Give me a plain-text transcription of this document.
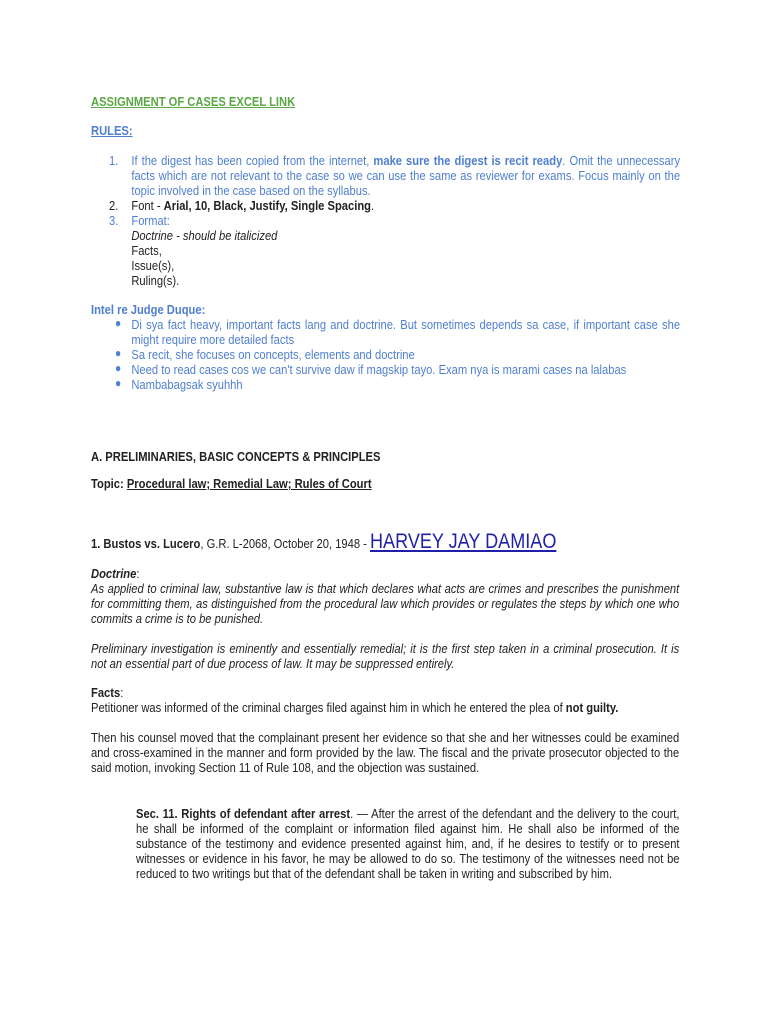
ASSIGNMENT OF CASES EXCEL LINK
RULES:
1. If the digest has been copied from the internet, make sure the digest is recit ready. Omit the unnecessary facts which are not relevant to the case so we can use the same as reviewer for exams. Focus mainly on the topic involved in the case based on the syllabus.
2. Font - Arial, 10, Black, Justify, Single Spacing.
3. Format:
Doctrine - should be italicized
Facts,
Issue(s),
Ruling(s).
Intel re Judge Duque:
● Di sya fact heavy, important facts lang and doctrine. But sometimes depends sa case, if important case she might require more detailed facts
● Sa recit, she focuses on concepts, elements and doctrine
● Need to read cases cos we can't survive daw if magskip tayo. Exam nya is marami cases na lalabas
● Nambabagsak syuhhh
A. PRELIMINARIES, BASIC CONCEPTS & PRINCIPLES
Topic: Procedural law; Remedial Law; Rules of Court
1. Bustos vs. Lucero, G.R. L-2068, October 20, 1948 - HARVEY JAY DAMIAO

Doctrine:

As applied to criminal law, substantive law is that which declares what acts are crimes and prescribes the punishment for committing them, as distinguished from the procedural law which provides or regulates the steps by which one who commits a crime is to be punished.

Preliminary investigation is eminently and essentially remedial; it is the first step taken in a criminal prosecution. It is not an essential part of due process of law. It may be suppressed entirely.

Facts:

Petitioner was informed of the criminal charges filed against him in which he entered the plea of not guilty.

Then his counsel moved that the complainant present her evidence so that she and her witnesses could be examined and cross-examined in the manner and form provided by the law. The fiscal and the private prosecutor objected to the said motion, invoking Section 11 of Rule 108, and the objection was sustained.

Sec. 11. Rights of defendant after arrest. — After the arrest of the defendant and the delivery to the court, he shall be informed of the complaint or information filed against him. He shall also be informed of the substance of the testimony and evidence presented against him, and, if he desires to testify or to present witnesses or evidence in his favor, he may be allowed to do so. The testimony of the witnesses need not be reduced to two writings but that of the defendant shall be taken in writing and subscribed by him.
